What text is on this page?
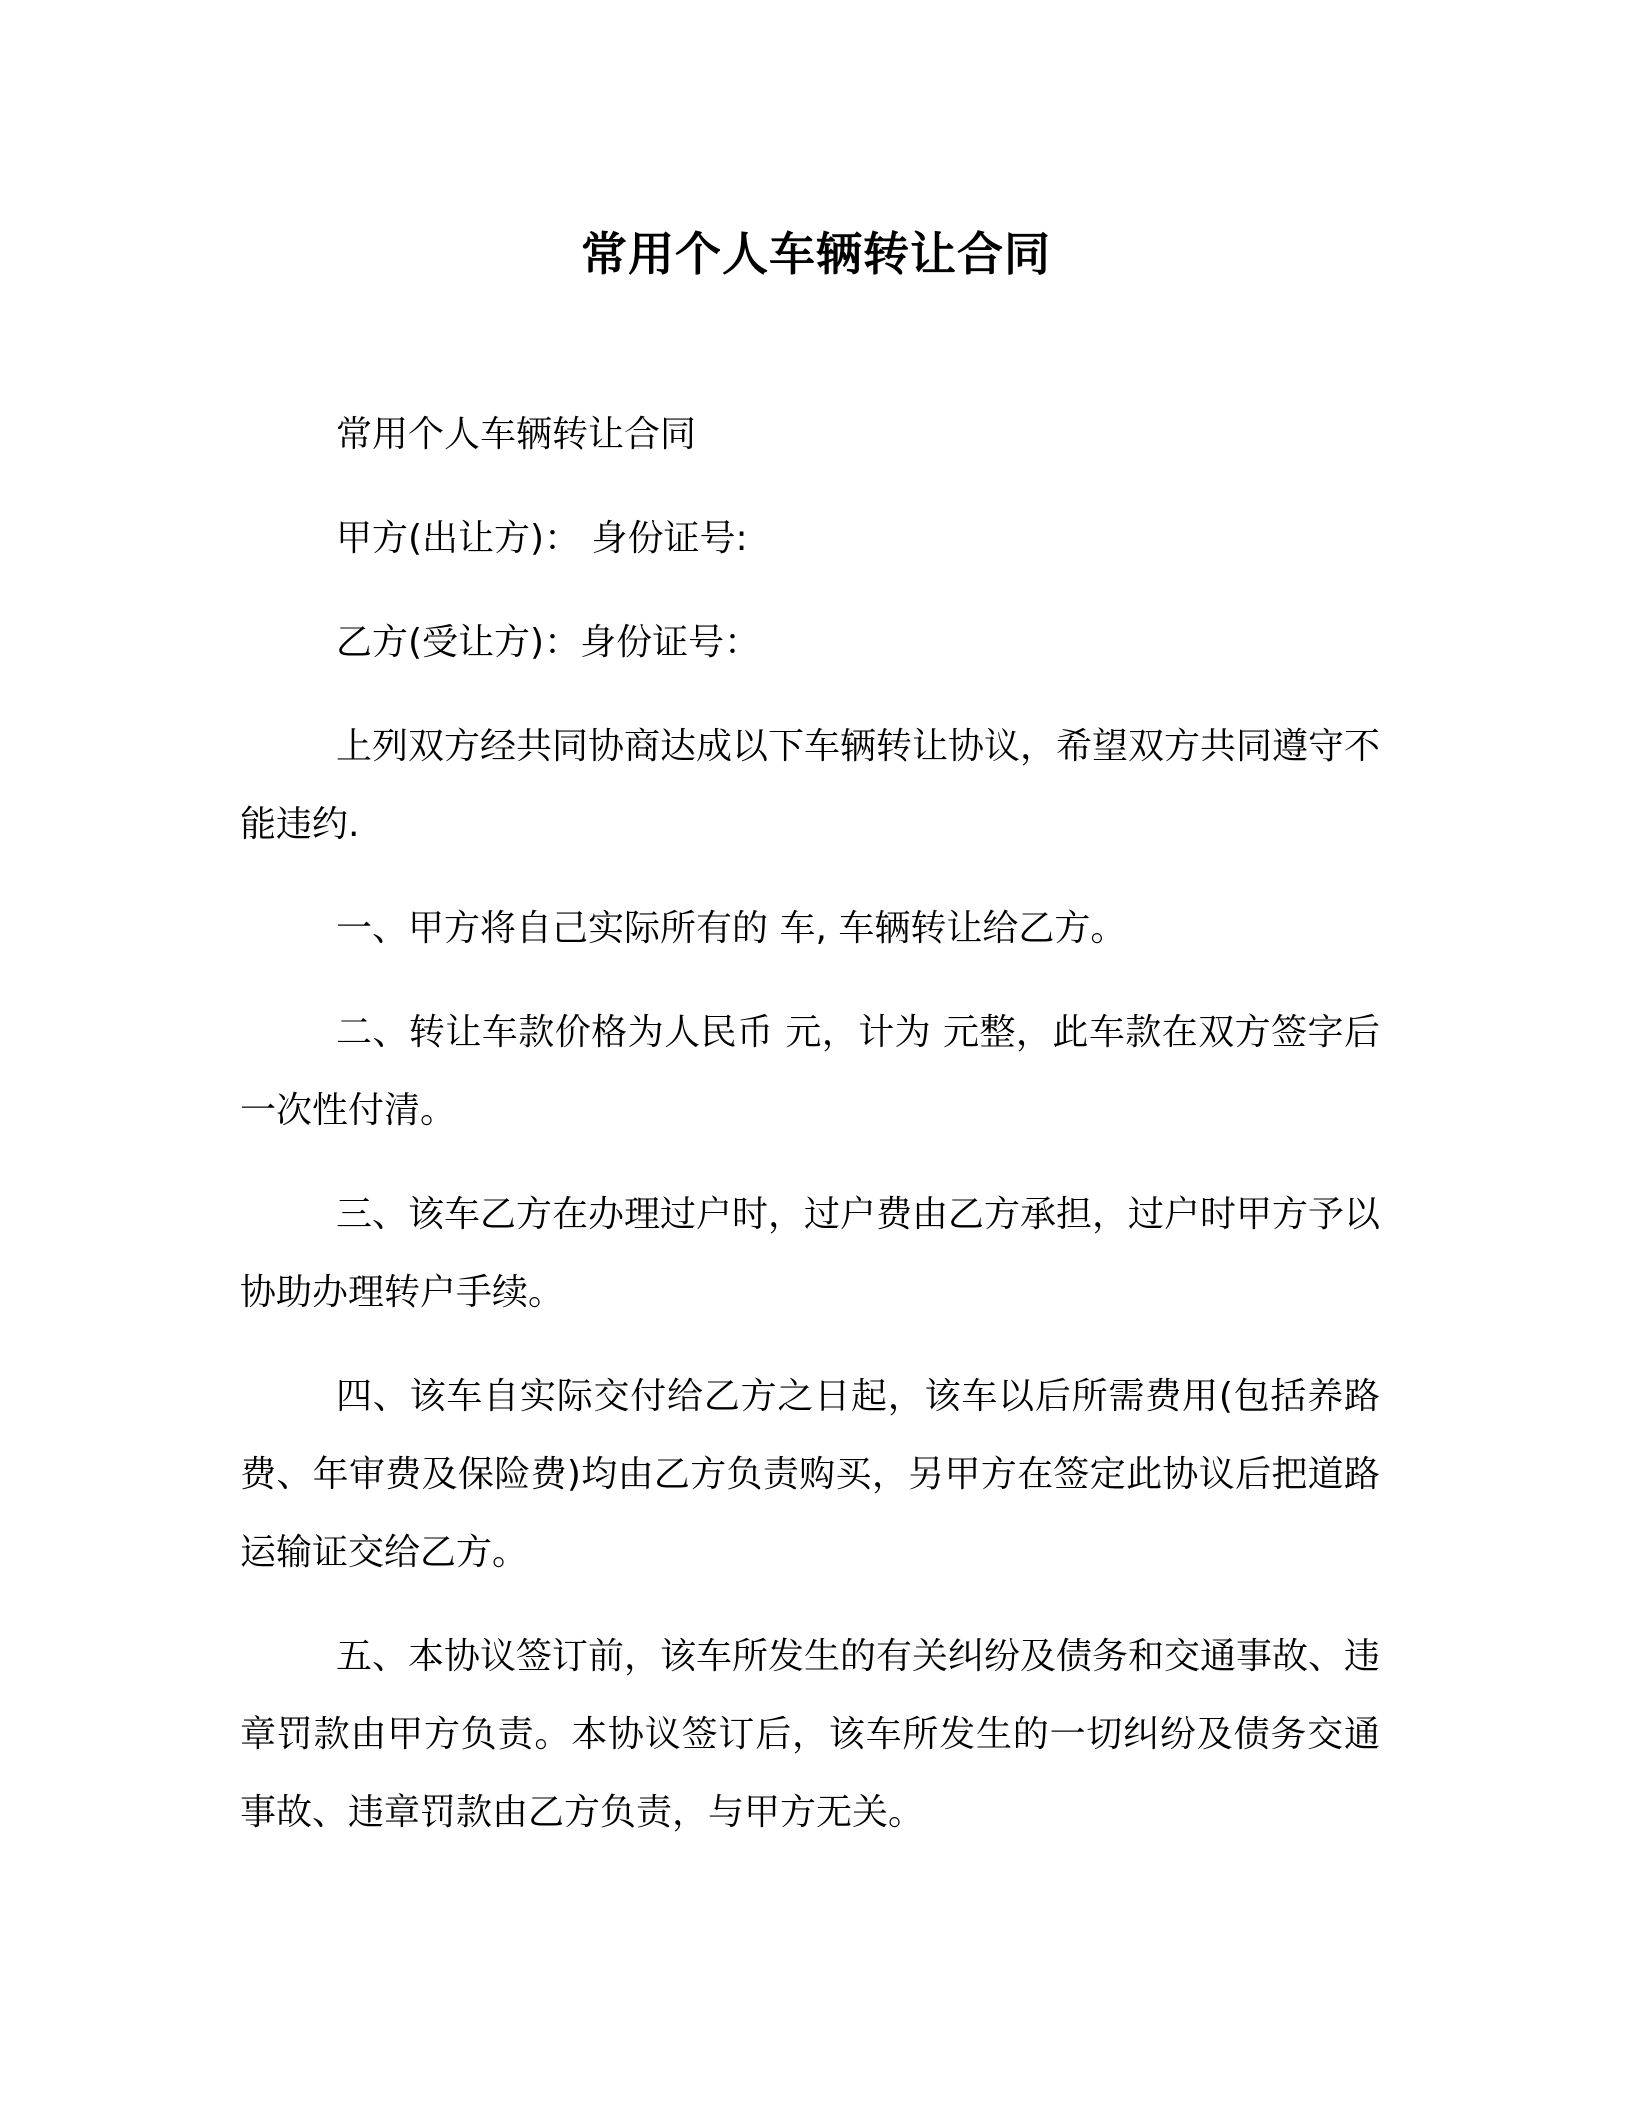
常用个人车辆转让合同

常用个人车辆转让合同

甲方(出让方)： 身份证号:

乙方(受让方)：身份证号：

上列双方经共同协商达成以下车辆转让协议，希望双方共同遵守不能违约.

一、甲方将自己实际所有的 车, 车辆转让给乙方。

二、转让车款价格为人民币 元，计为 元整，此车款在双方签字后一次性付清。

三、该车乙方在办理过户时，过户费由乙方承担，过户时甲方予以协助办理转户手续。

四、该车自实际交付给乙方之日起，该车以后所需费用(包括养路费、年审费及保险费)均由乙方负责购买，另甲方在签定此协议后把道路运输证交给乙方。

五、本协议签订前，该车所发生的有关纠纷及债务和交通事故、违章罚款由甲方负责。本协议签订后，该车所发生的一切纠纷及债务交通事故、违章罚款由乙方负责，与甲方无关。
